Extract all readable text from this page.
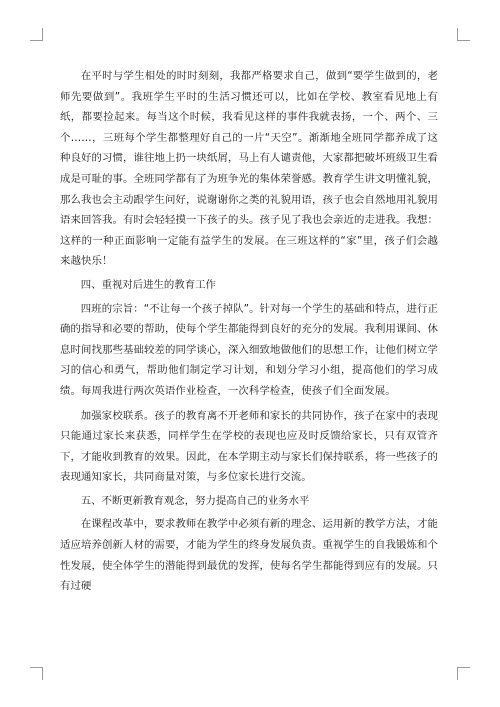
在平时与学生相处的时时刻刻，我都严格要求自己，做到“要学生做到的，老师先要做到”。我班学生平时的生活习惯还可以，比如在学校、教室看见地上有纸，都要捡起来。每当这个时候，我看见这样的事件我就表扬，一个、两个、三个……，三班每个学生都整理好自己的一片“天空”。渐渐地全班同学都养成了这种良好的习惯，谁往地上扔一块纸屑，马上有人谴责他，大家都把破坏班级卫生看成是可耻的事。全班同学都有了为班争光的集体荣誉感。教育学生讲文明懂礼貌，那么我也会主动跟学生问好，说谢谢你之类的礼貌用语，孩子也会自然地用礼貌用语来回答我。有时会轻轻摸一下孩子的头。孩子见了我也会亲近的走进我。我想：这样的一种正面影响一定能有益学生的发展。在三班这样的“家”里，孩子们会越来越快乐！

四、重视对后进生的教育工作

四班的宗旨：“不让每一个孩子掉队”。针对每一个学生的基础和特点，进行正确的指导和必要的帮助，使每个学生都能得到良好的充分的发展。我利用课间、休息时间找那些基础较差的同学谈心，深入细致地做他们的思想工作，让他们树立学习的信心和勇气，帮助他们制定学习计划，和划分学习小组，提高他们的学习成绩。每周我进行两次英语作业检查，一次科学检查，使孩子们全面发展。

加强家校联系。孩子的教育离不开老师和家长的共同协作，孩子在家中的表现只能通过家长来获悉，同样学生在学校的表现也应及时反馈给家长，只有双管齐下，才能收到教育的效果。因此，在本学期主动与家长们保持联系，将一些孩子的表现通知家长，共同商量对策，与多位家长进行交流。

五、不断更新教育观念，努力提高自己的业务水平

在课程改革中，要求教师在教学中必须有新的理念、运用新的教学方法，才能适应培养创新人材的需要，才能为学生的终身发展负责。重视学生的自我锻炼和个性发展，使全体学生的潜能得到最优的发挥，使每名学生都能得到应有的发展。只有过硬
